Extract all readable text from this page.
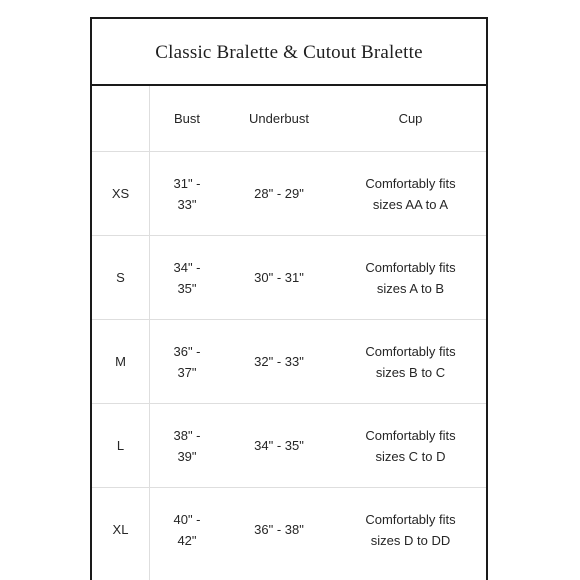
Classic Bralette & Cutout Bralette
Bust	Underbust	Cup
XS
31" - 33"
28" - 29"
Comfortably fits sizes AA to A
S
34" - 35"
30" - 31"
Comfortably fits sizes A to B
M
36" - 37"
32" - 33"
Comfortably fits sizes B to C
L
38" - 39"
34" - 35"
Comfortably fits sizes C to D
XL
40" - 42"
36" - 38"
Comfortably fits sizes D to DD
